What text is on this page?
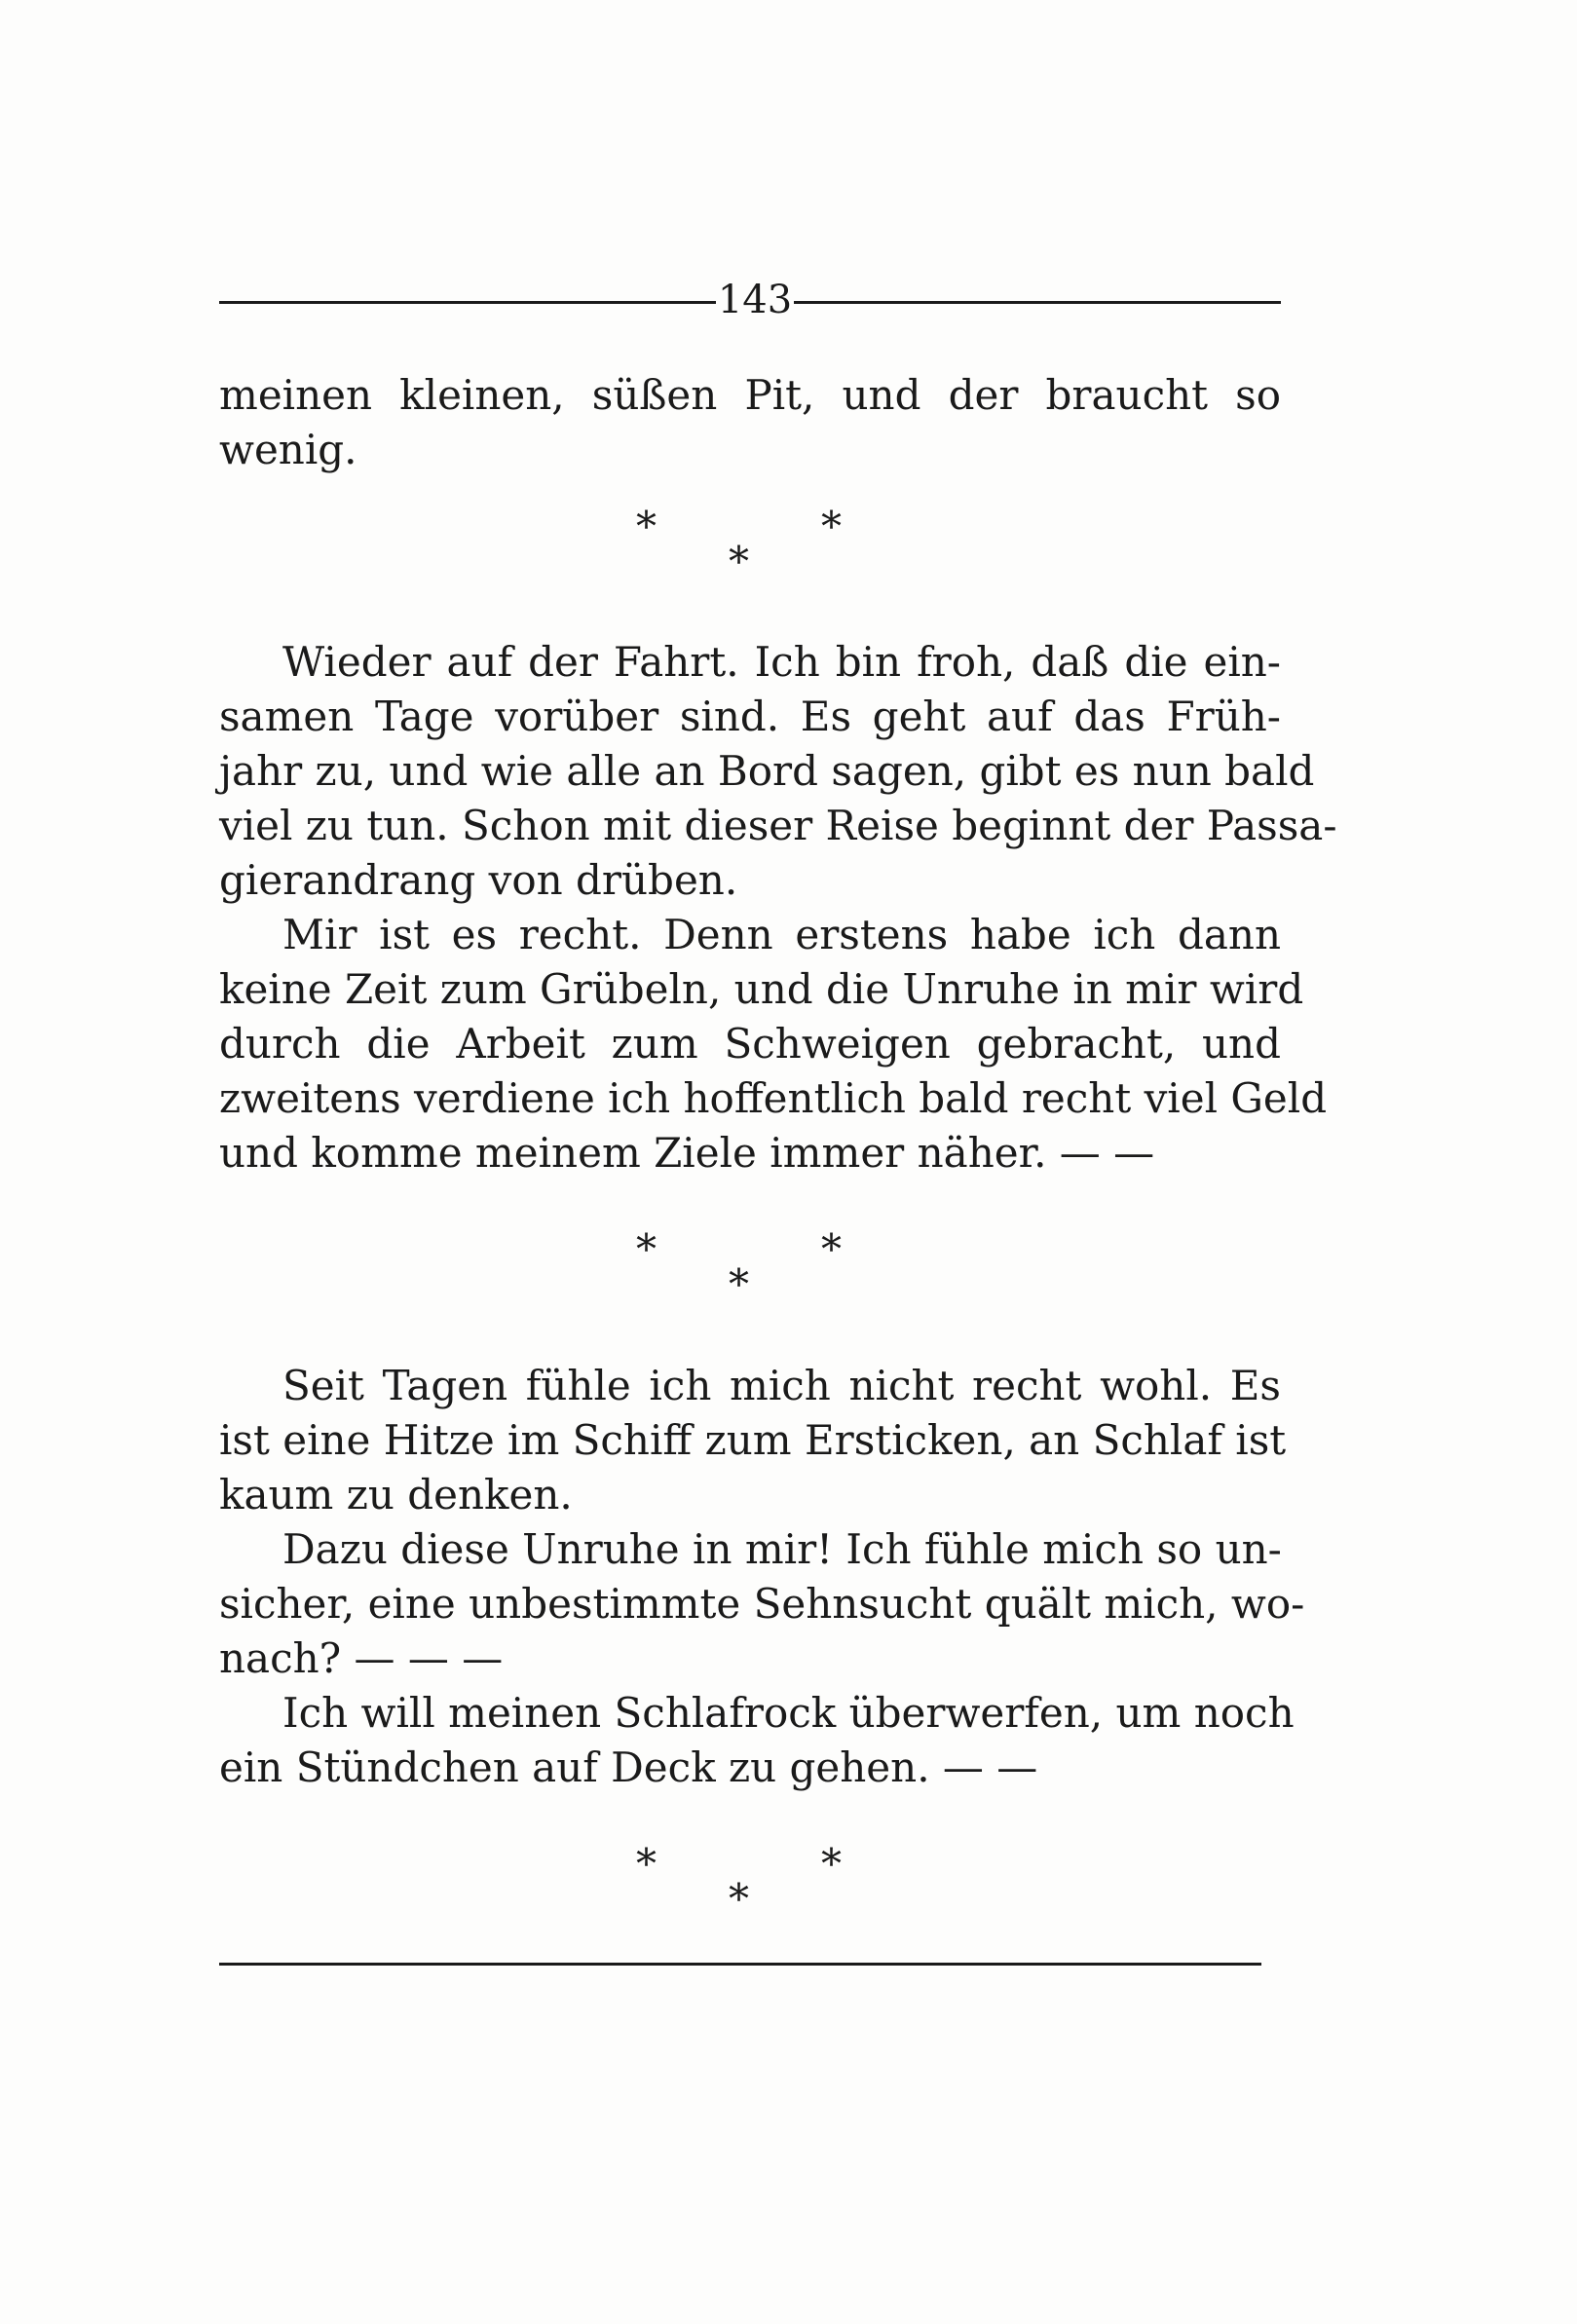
143
meinen kleinen, süßen Pit, und der braucht so
wenig.
*	*
*
Wieder auf der Fahrt. Ich bin froh, daß die ein-
samen Tage vorüber sind. Es geht auf das Früh-
jahr zu, und wie alle an Bord sagen, gibt es nun bald
viel zu tun. Schon mit dieser Reise beginnt der Passa-
gierandrang von drüben.
Mir ist es recht. Denn erstens habe ich dann
keine Zeit zum Grübeln, und die Unruhe in mir wird
durch die Arbeit zum Schweigen gebracht, und
zweitens verdiene ich hoffentlich bald recht viel Geld
und komme meinem Ziele immer näher. — —
*	*
*
Seit Tagen fühle ich mich nicht recht wohl. Es
ist eine Hitze im Schiff zum Ersticken, an Schlaf ist
kaum zu denken.
Dazu diese Unruhe in mir! Ich fühle mich so un-
sicher, eine unbestimmte Sehnsucht quält mich, wo-
nach? — — —
Ich will meinen Schlafrock überwerfen, um noch
ein Stündchen auf Deck zu gehen. — —
*	*
*
